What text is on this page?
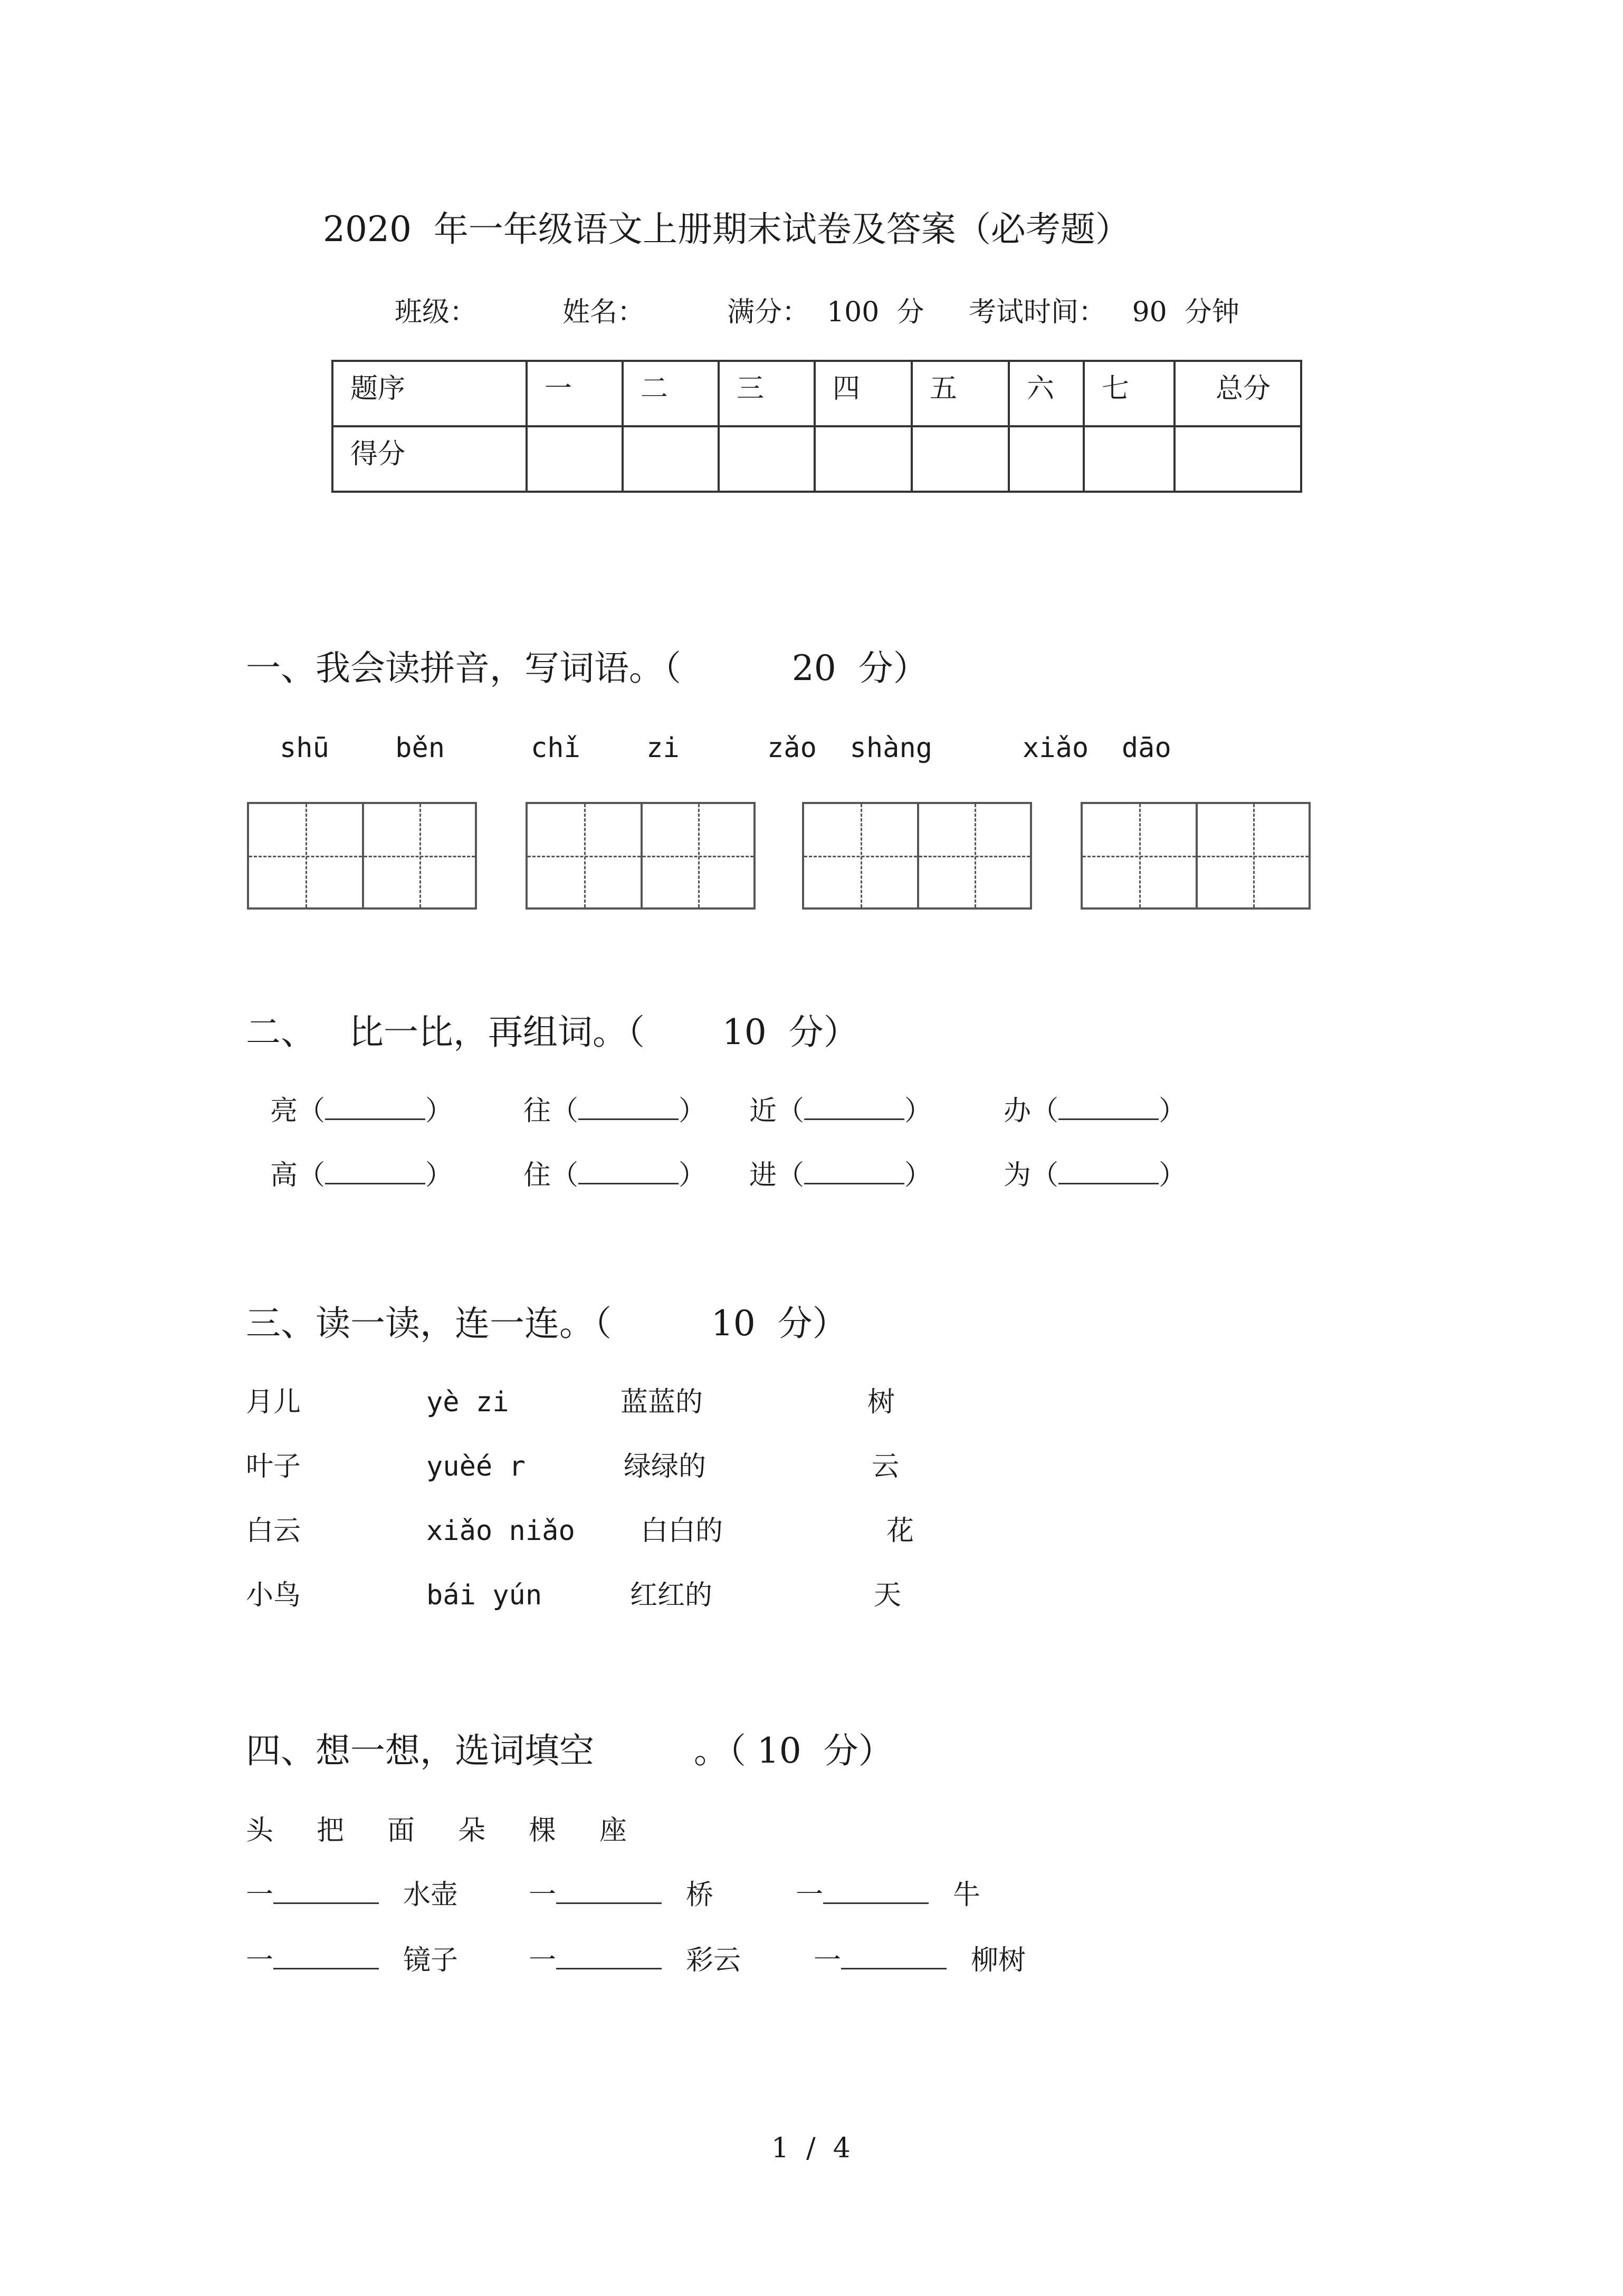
2020  年一年级语文上册期末试卷及答案（必考题）
班级：	姓名：	满分：  100  分 考试时间：   90  分钟
题序	一	二	三	四	五	六	七	总分

得分								

一、我会读拼音，写词语。（          20  分）
shū    běn	chǐ    zi	zǎo  shàng	xiǎo  dāo
二、   比一比，再组词。（       10  分）
亮（	）	往（	） 近（	）	办（	）
高（	）	住（	） 进（	）	为（	）
三、读一读，连一连。（         10  分）
月儿	yè zi	蓝蓝的	树
叶子	yuèé r	绿绿的	云
白云	xiǎo niǎo 白白的	花
小鸟	bái yún	红红的	天
四、想一想，选词填空         。（ 10  分）
头 把 面 朵 棵 座
一	水壶	一	桥	一	牛
一	镜子	一	彩云	一	柳树
1  /  4
